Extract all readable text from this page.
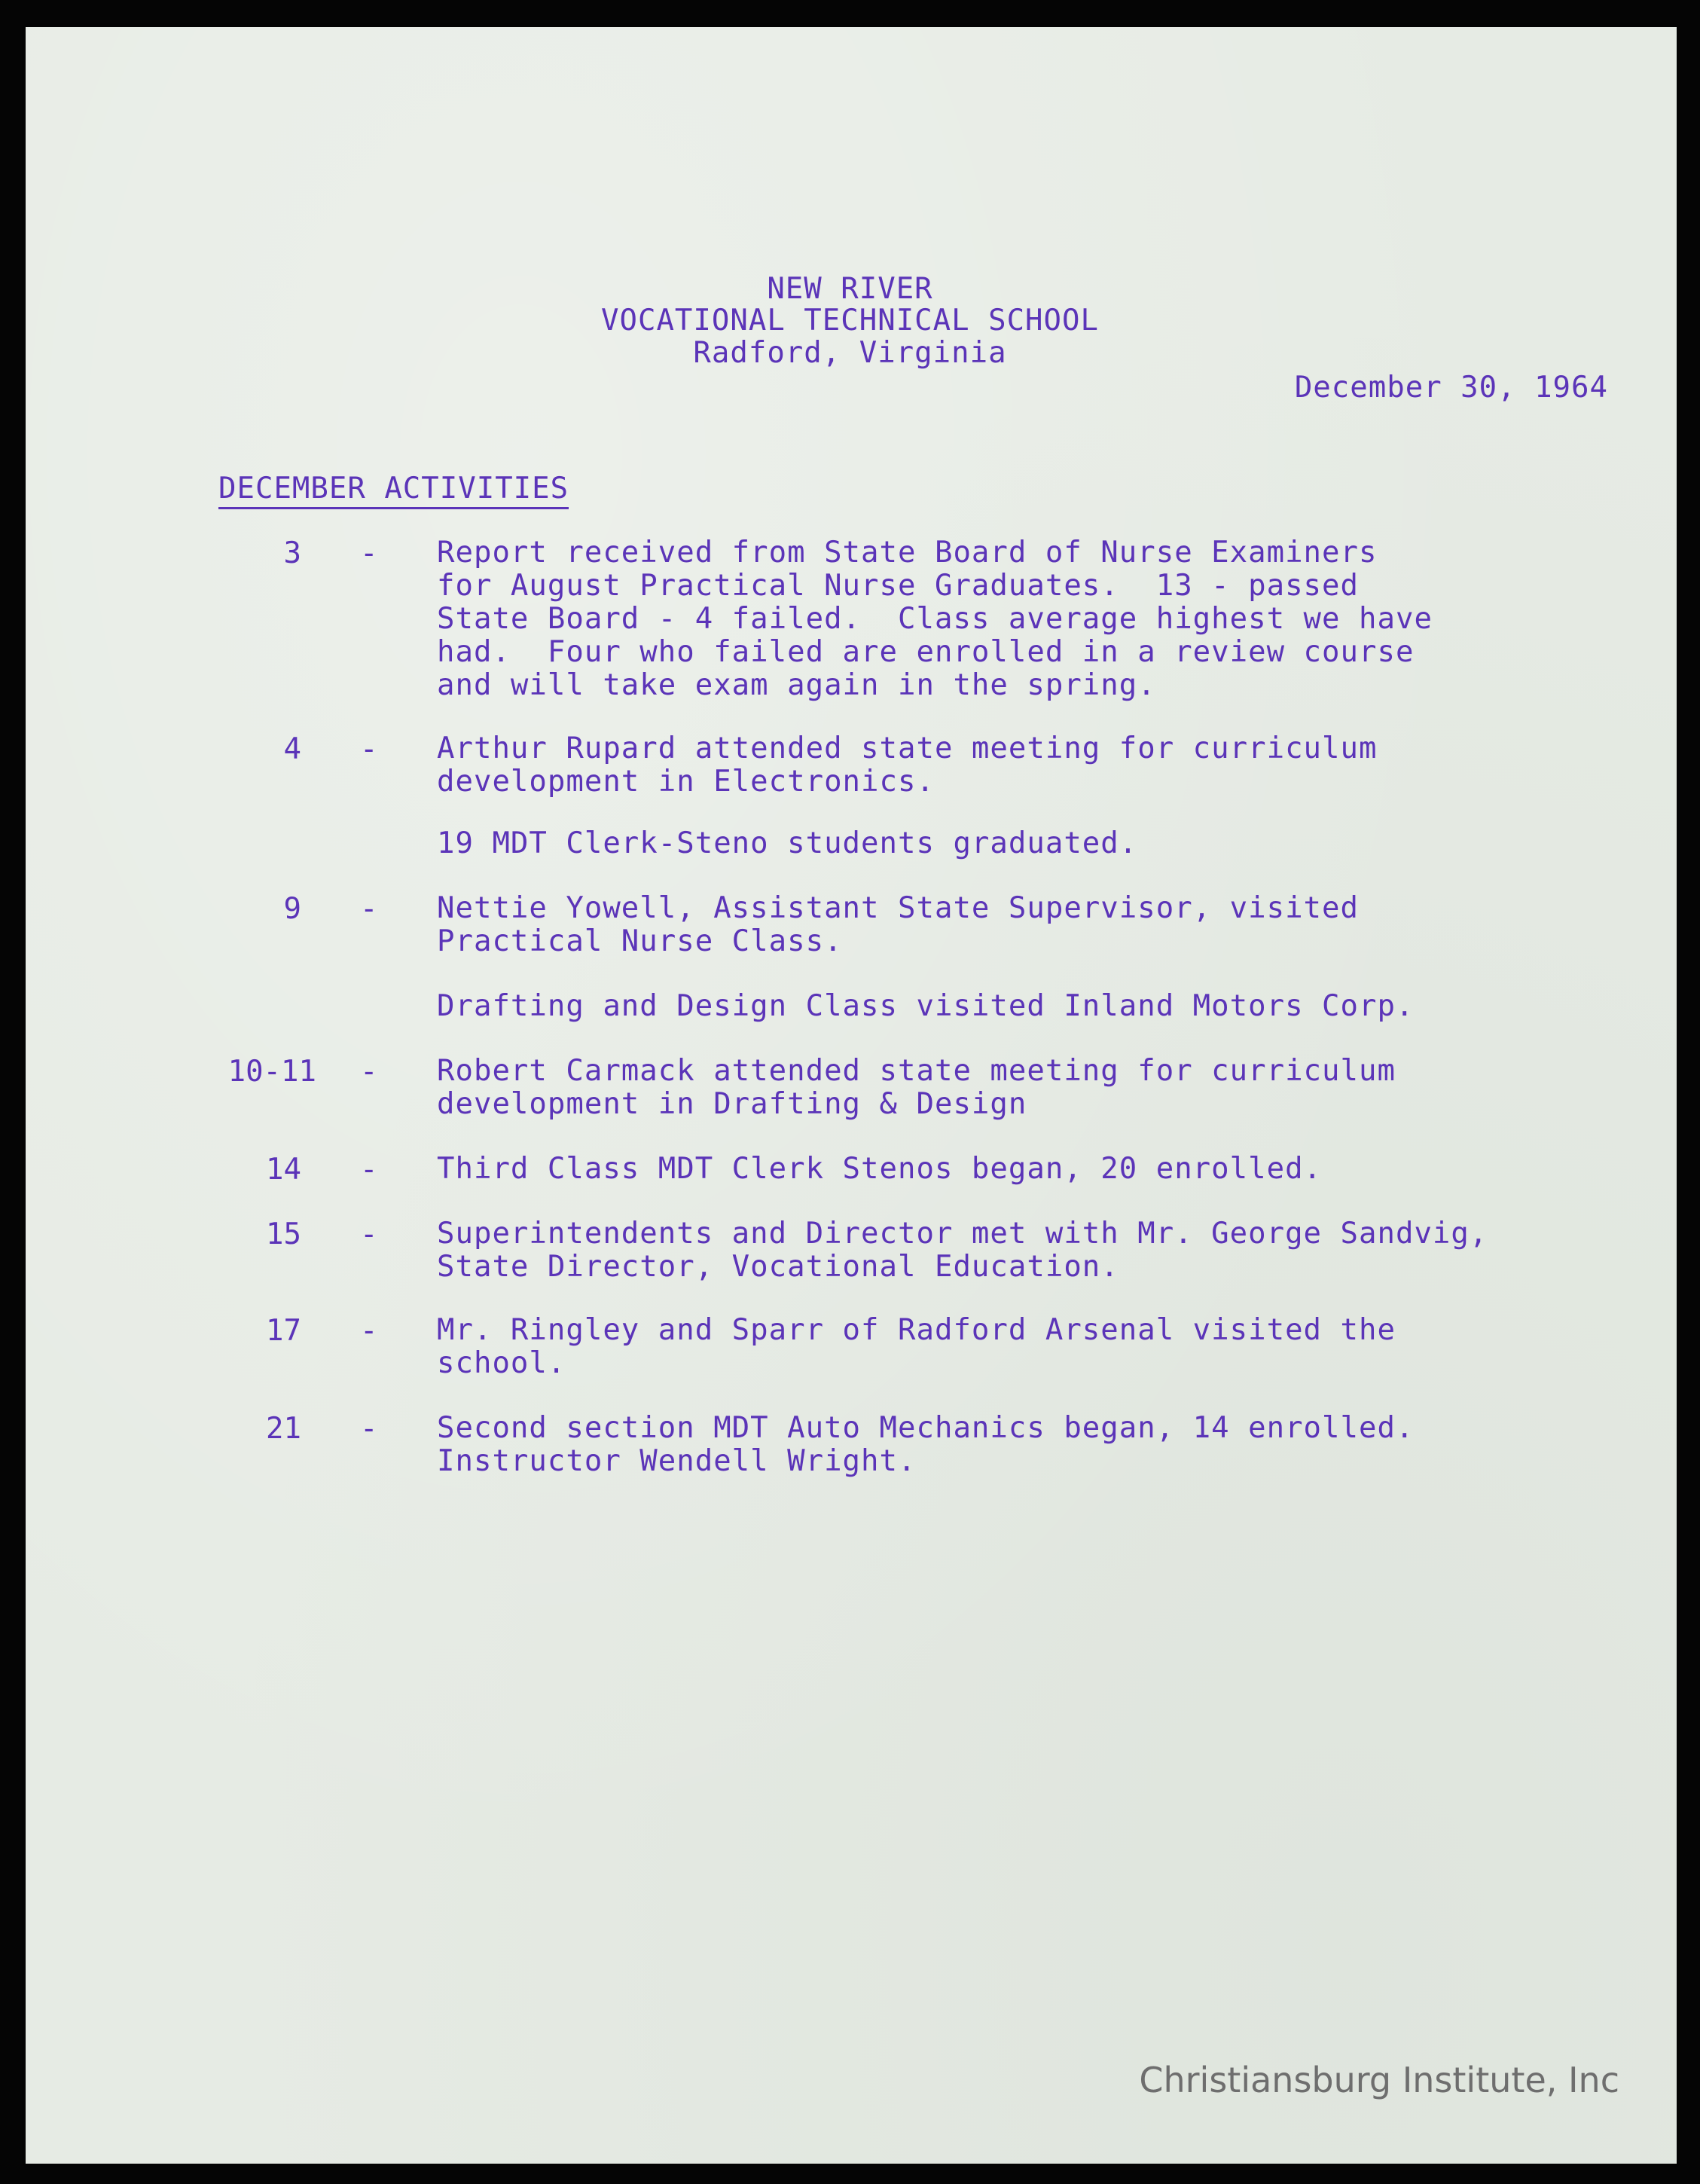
NEW RIVER

VOCATIONAL TECHNICAL SCHOOL

Radford, Virginia

December 30, 1964

DECEMBER ACTIVITIES

3 - Report received from State Board of Nurse Examiners
for August Practical Nurse Graduates.  13 - passed
State Board - 4 failed.  Class average highest we have
had.  Four who failed are enrolled in a review course
and will take exam again in the spring.

4 - Arthur Rupard attended state meeting for curriculum
development in Electronics.
19 MDT Clerk-Steno students graduated.

9 - Nettie Yowell, Assistant State Supervisor, visited
Practical Nurse Class.
Drafting and Design Class visited Inland Motors Corp.

10-11 - Robert Carmack attended state meeting for curriculum
development in Drafting & Design

14 - Third Class MDT Clerk Stenos began, 20 enrolled.

15 - Superintendents and Director met with Mr. George Sandvig,
State Director, Vocational Education.

17 - Mr. Ringley and Sparr of Radford Arsenal visited the
school.

21 - Second section MDT Auto Mechanics began, 14 enrolled.
Instructor Wendell Wright.

Christiansburg Institute, Inc
